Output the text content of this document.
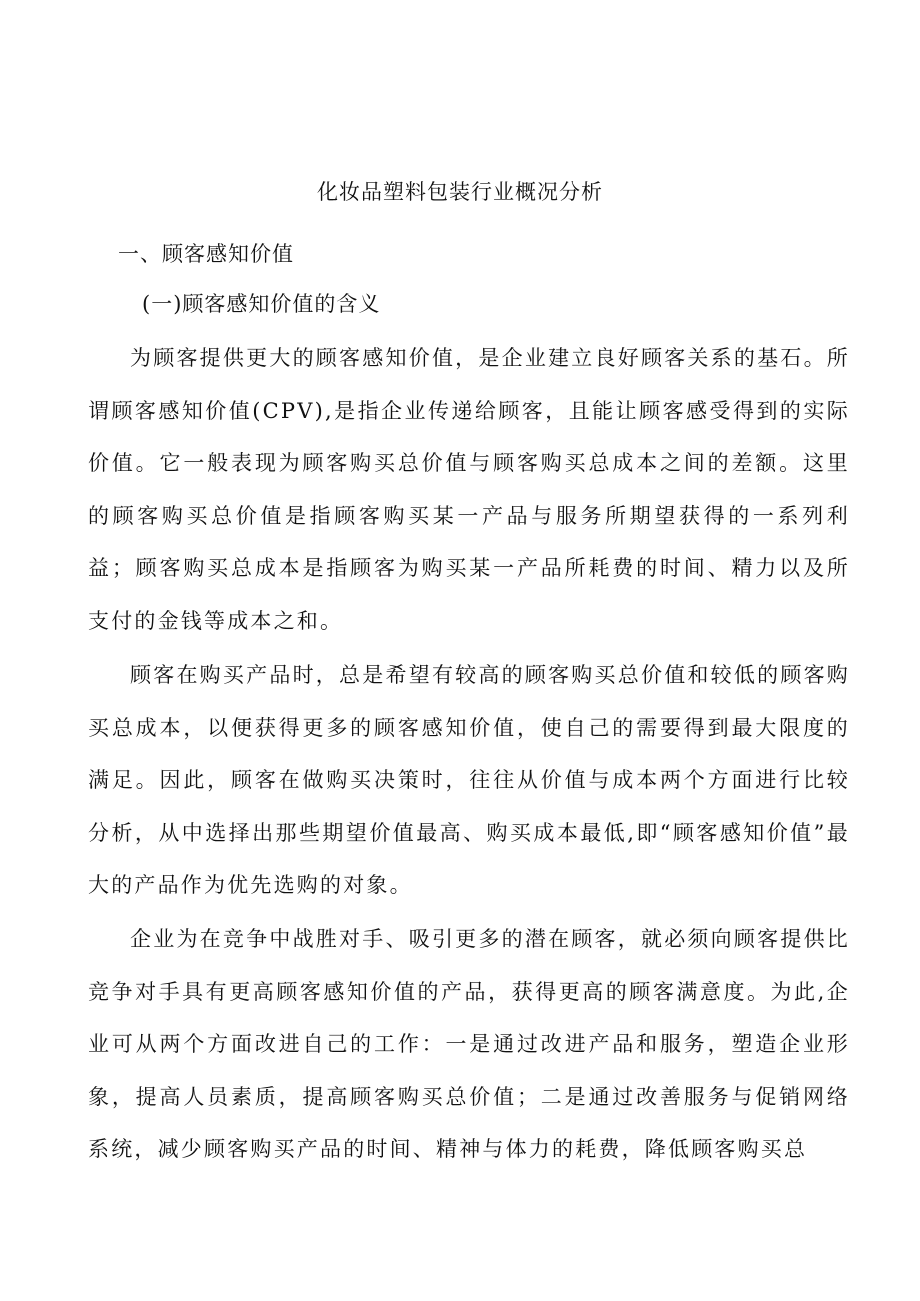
化妆品塑料包装行业概况分析
一、顾客感知价值
(一)顾客感知价值的含义

为顾客提供更大的顾客感知价值，是企业建立良好顾客关系的基石。所谓顾客感知价值(CPV),是指企业传递给顾客，且能让顾客感受得到的实际价值。它一般表现为顾客购买总价值与顾客购买总成本之间的差额。这里的顾客购买总价值是指顾客购买某一产品与服务所期望获得的一系列利益；顾客购买总成本是指顾客为购买某一产品所耗费的时间、精力以及所支付的金钱等成本之和。

顾客在购买产品时，总是希望有较高的顾客购买总价值和较低的顾客购买总成本，以便获得更多的顾客感知价值，使自己的需要得到最大限度的满足。因此，顾客在做购买决策时，往往从价值与成本两个方面进行比较分析，从中选择出那些期望价值最高、购买成本最低,即“顾客感知价值”最大的产品作为优先选购的对象。

企业为在竞争中战胜对手、吸引更多的潜在顾客，就必须向顾客提供比竞争对手具有更高顾客感知价值的产品，获得更高的顾客满意度。为此,企业可从两个方面改进自己的工作：一是通过改进产品和服务，塑造企业形象，提高人员素质，提高顾客购买总价值；二是通过改善服务与促销网络系统，减少顾客购买产品的时间、精神与体力的耗费，降低顾客购买总
